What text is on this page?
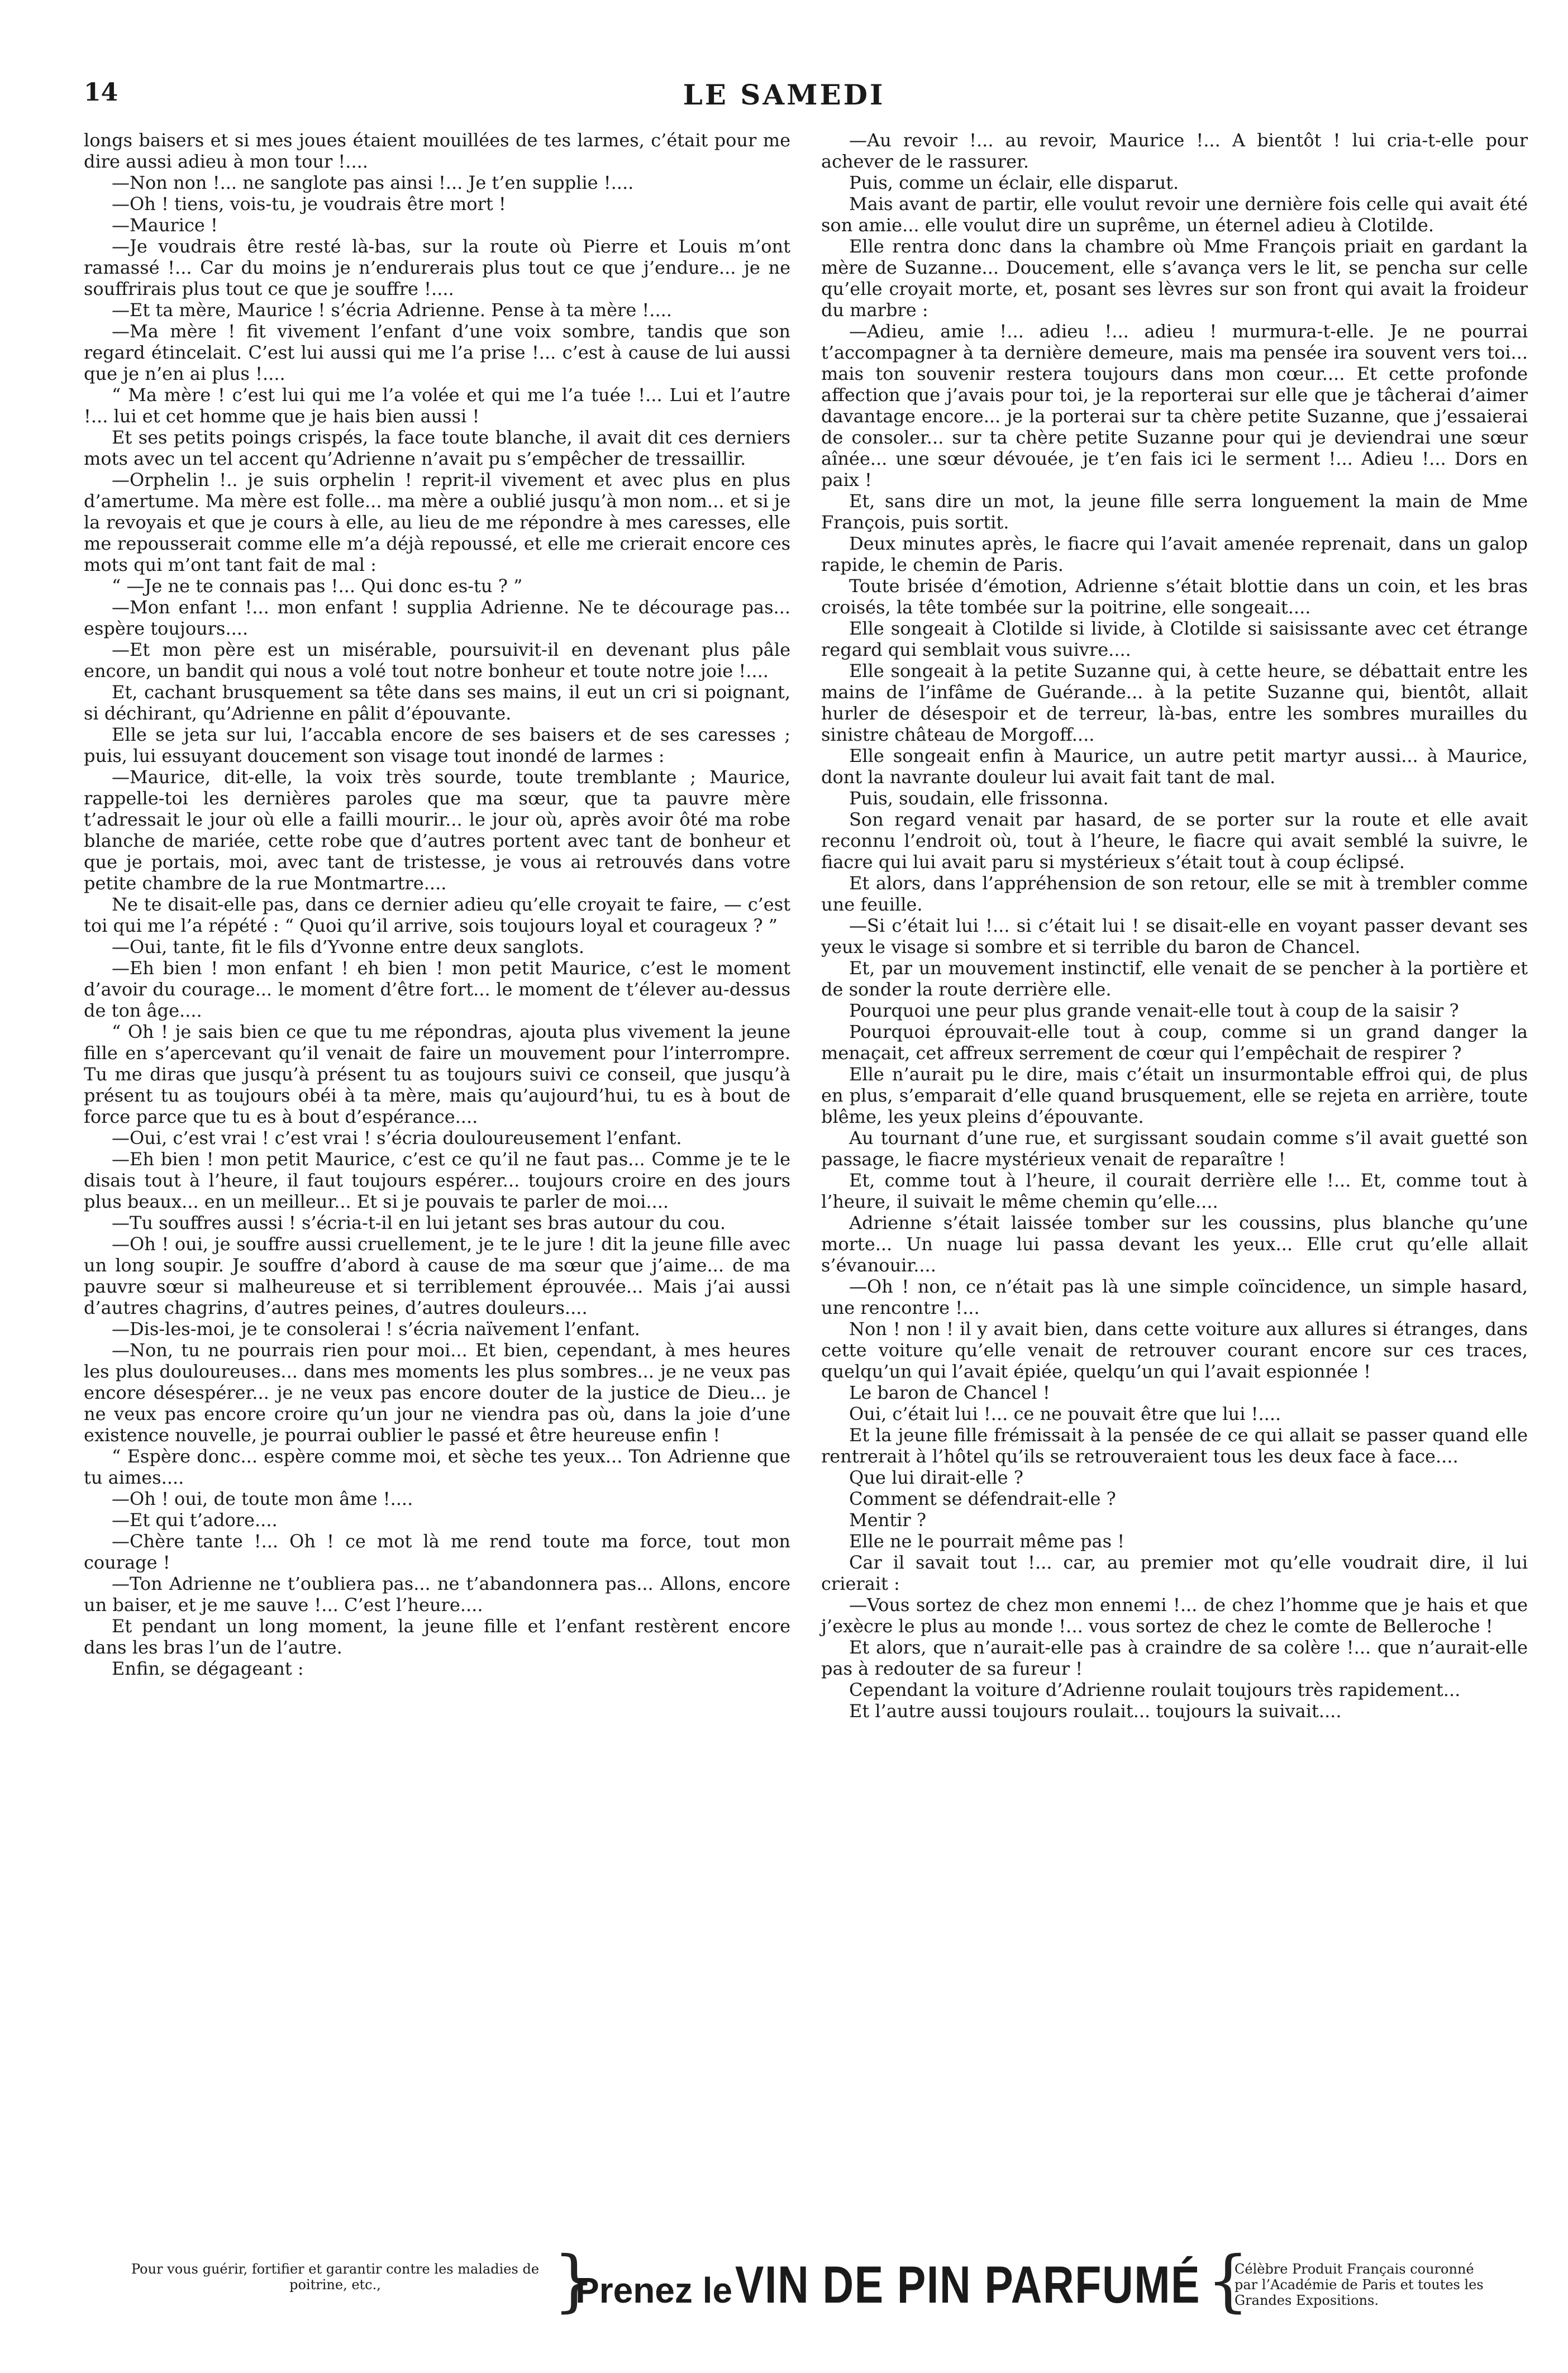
14	LE SAMEDI

longs baisers et si mes joues étaient mouillées de tes larmes, c’était pour me dire aussi adieu à mon tour !....

—Non non !... ne sanglote pas ainsi !... Je t’en supplie !....

—Oh ! tiens, vois-tu, je voudrais être mort !

—Maurice !

—Je voudrais être resté là-bas, sur la route où Pierre et Louis m’ont ramassé !... Car du moins je n’endurerais plus tout ce que j’endure... je ne souffrirais plus tout ce que je souffre !....

—Et ta mère, Maurice ! s’écria Adrienne. Pense à ta mère !....

—Ma mère ! fit vivement l’enfant d’une voix sombre, tandis que son regard étincelait. C’est lui aussi qui me l’a prise !... c’est à cause de lui aussi que je n’en ai plus !....

“ Ma mère ! c’est lui qui me l’a volée et qui me l’a tuée !... Lui et l’autre !... lui et cet homme que je hais bien aussi !

Et ses petits poings crispés, la face toute blanche, il avait dit ces derniers mots avec un tel accent qu’Adrienne n’avait pu s’empêcher de tressaillir.

—Orphelin !.. je suis orphelin ! reprit-il vivement et avec plus en plus d’amertume. Ma mère est folle... ma mère a oublié jusqu’à mon nom... et si je la revoyais et que je cours à elle, au lieu de me répondre à mes caresses, elle me repousserait comme elle m’a déjà repoussé, et elle me crierait encore ces mots qui m’ont tant fait de mal :

“ —Je ne te connais pas !... Qui donc es-tu ? ”

—Mon enfant !... mon enfant ! supplia Adrienne. Ne te décourage pas... espère toujours....

—Et mon père est un misérable, poursuivit-il en devenant plus pâle encore, un bandit qui nous a volé tout notre bonheur et toute notre joie !....

Et, cachant brusquement sa tête dans ses mains, il eut un cri si poignant, si déchirant, qu’Adrienne en pâlit d’épouvante.

Elle se jeta sur lui, l’accabla encore de ses baisers et de ses caresses ; puis, lui essuyant doucement son visage tout inondé de larmes :

—Maurice, dit-elle, la voix très sourde, toute tremblante ; Maurice, rappelle-toi les dernières paroles que ma sœur, que ta pauvre mère t’adressait le jour où elle a failli mourir... le jour où, après avoir ôté ma robe blanche de mariée, cette robe que d’autres portent avec tant de bonheur et que je portais, moi, avec tant de tristesse, je vous ai retrouvés dans votre petite chambre de la rue Montmartre....

Ne te disait-elle pas, dans ce dernier adieu qu’elle croyait te faire, — c’est toi qui me l’a répété : “ Quoi qu’il arrive, sois toujours loyal et courageux ? ”

—Oui, tante, fit le fils d’Yvonne entre deux sanglots.

—Eh bien ! mon enfant ! eh bien ! mon petit Maurice, c’est le moment d’avoir du courage... le moment d’être fort... le moment de t’élever au-dessus de ton âge....

“ Oh ! je sais bien ce que tu me répondras, ajouta plus vivement la jeune fille en s’apercevant qu’il venait de faire un mouvement pour l’interrompre. Tu me diras que jusqu’à présent tu as toujours suivi ce conseil, que jusqu’à présent tu as toujours obéi à ta mère, mais qu’aujourd’hui, tu es à bout de force parce que tu es à bout d’espérance....

—Oui, c’est vrai ! c’est vrai ! s’écria douloureusement l’enfant.

—Eh bien ! mon petit Maurice, c’est ce qu’il ne faut pas... Comme je te le disais tout à l’heure, il faut toujours espérer... toujours croire en des jours plus beaux... en un meilleur... Et si je pouvais te parler de moi....

—Tu souffres aussi ! s’écria-t-il en lui jetant ses bras autour du cou.

—Oh ! oui, je souffre aussi cruellement, je te le jure ! dit la jeune fille avec un long soupir. Je souffre d’abord à cause de ma sœur que j’aime... de ma pauvre sœur si malheureuse et si terriblement éprouvée... Mais j’ai aussi d’autres chagrins, d’autres peines, d’autres douleurs....

—Dis-les-moi, je te consolerai ! s’écria naïvement l’enfant.

—Non, tu ne pourrais rien pour moi... Et bien, cependant, à mes heures les plus douloureuses... dans mes moments les plus sombres... je ne veux pas encore désespérer... je ne veux pas encore douter de la justice de Dieu... je ne veux pas encore croire qu’un jour ne viendra pas où, dans la joie d’une existence nouvelle, je pourrai oublier le passé et être heureuse enfin !

“ Espère donc... espère comme moi, et sèche tes yeux... Ton Adrienne que tu aimes....

—Oh ! oui, de toute mon âme !....

—Et qui t’adore....

—Chère tante !... Oh ! ce mot là me rend toute ma force, tout mon courage !

—Ton Adrienne ne t’oubliera pas... ne t’abandonnera pas... Allons, encore un baiser, et je me sauve !... C’est l’heure....

Et pendant un long moment, la jeune fille et l’enfant restèrent encore dans les bras l’un de l’autre.

Enfin, se dégageant :

—Au revoir !... au revoir, Maurice !... A bientôt ! lui cria-t-elle pour achever de le rassurer.

Puis, comme un éclair, elle disparut.

Mais avant de partir, elle voulut revoir une dernière fois celle qui avait été son amie... elle voulut dire un suprême, un éternel adieu à Clotilde.

Elle rentra donc dans la chambre où Mme François priait en gardant la mère de Suzanne... Doucement, elle s’avança vers le lit, se pencha sur celle qu’elle croyait morte, et, posant ses lèvres sur son front qui avait la froideur du marbre :

—Adieu, amie !... adieu !... adieu ! murmura-t-elle. Je ne pourrai t’accompagner à ta dernière demeure, mais ma pensée ira souvent vers toi... mais ton souvenir restera toujours dans mon cœur.... Et cette profonde affection que j’avais pour toi, je la reporterai sur elle que je tâcherai d’aimer davantage encore... je la porterai sur ta chère petite Suzanne, que j’essaierai de consoler... sur ta chère petite Suzanne pour qui je deviendrai une sœur aînée... une sœur dévouée, je t’en fais ici le serment !... Adieu !... Dors en paix !

Et, sans dire un mot, la jeune fille serra longuement la main de Mme François, puis sortit.

Deux minutes après, le fiacre qui l’avait amenée reprenait, dans un galop rapide, le chemin de Paris.

Toute brisée d’émotion, Adrienne s’était blottie dans un coin, et les bras croisés, la tête tombée sur la poitrine, elle songeait....

Elle songeait à Clotilde si livide, à Clotilde si saisissante avec cet étrange regard qui semblait vous suivre....

Elle songeait à la petite Suzanne qui, à cette heure, se débattait entre les mains de l’infâme de Guérande... à la petite Suzanne qui, bientôt, allait hurler de désespoir et de terreur, là-bas, entre les sombres murailles du sinistre château de Morgoff....

Elle songeait enfin à Maurice, un autre petit martyr aussi... à Maurice, dont la navrante douleur lui avait fait tant de mal.

Puis, soudain, elle frissonna.

Son regard venait par hasard, de se porter sur la route et elle avait reconnu l’endroit où, tout à l’heure, le fiacre qui avait semblé la suivre, le fiacre qui lui avait paru si mystérieux s’était tout à coup éclipsé.

Et alors, dans l’appréhension de son retour, elle se mit à trembler comme une feuille.

—Si c’était lui !... si c’était lui ! se disait-elle en voyant passer devant ses yeux le visage si sombre et si terrible du baron de Chancel.

Et, par un mouvement instinctif, elle venait de se pencher à la portière et de sonder la route derrière elle.

Pourquoi une peur plus grande venait-elle tout à coup de la saisir ?

Pourquoi éprouvait-elle tout à coup, comme si un grand danger la menaçait, cet affreux serrement de cœur qui l’empêchait de respirer ?

Elle n’aurait pu le dire, mais c’était un insurmontable effroi qui, de plus en plus, s’emparait d’elle quand brusquement, elle se rejeta en arrière, toute blême, les yeux pleins d’épouvante.

Au tournant d’une rue, et surgissant soudain comme s’il avait guetté son passage, le fiacre mystérieux venait de reparaître !

Et, comme tout à l’heure, il courait derrière elle !... Et, comme tout à l’heure, il suivait le même chemin qu’elle....

Adrienne s’était laissée tomber sur les coussins, plus blanche qu’une morte... Un nuage lui passa devant les yeux... Elle crut qu’elle allait s’évanouir....

—Oh ! non, ce n’était pas là une simple coïncidence, un simple hasard, une rencontre !...

Non ! non ! il y avait bien, dans cette voiture aux allures si étranges, dans cette voiture qu’elle venait de retrouver courant encore sur ces traces, quelqu’un qui l’avait épiée, quelqu’un qui l’avait espionnée !

Le baron de Chancel !

Oui, c’était lui !... ce ne pouvait être que lui !....

Et la jeune fille frémissait à la pensée de ce qui allait se passer quand elle rentrerait à l’hôtel qu’ils se retrouveraient tous les deux face à face....

Que lui dirait-elle ?

Comment se défendrait-elle ?

Mentir ?

Elle ne le pourrait même pas !

Car il savait tout !... car, au premier mot qu’elle voudrait dire, il lui crierait :

—Vous sortez de chez mon ennemi !... de chez l’homme que je hais et que j’exècre le plus au monde !... vous sortez de chez le comte de Belleroche !

Et alors, que n’aurait-elle pas à craindre de sa colère !... que n’aurait-elle pas à redouter de sa fureur !

Cependant la voiture d’Adrienne roulait toujours très rapidement...

Et l’autre aussi toujours roulait... toujours la suivait....

Pour vous guérir, fortifier et garantir contre les maladies de poitrine, etc.,	}
Prenez le VIN DE PIN PARFUMÉ {
Célèbre Produit Français couronné par l’Académie de Paris et toutes les Grandes Expositions.
